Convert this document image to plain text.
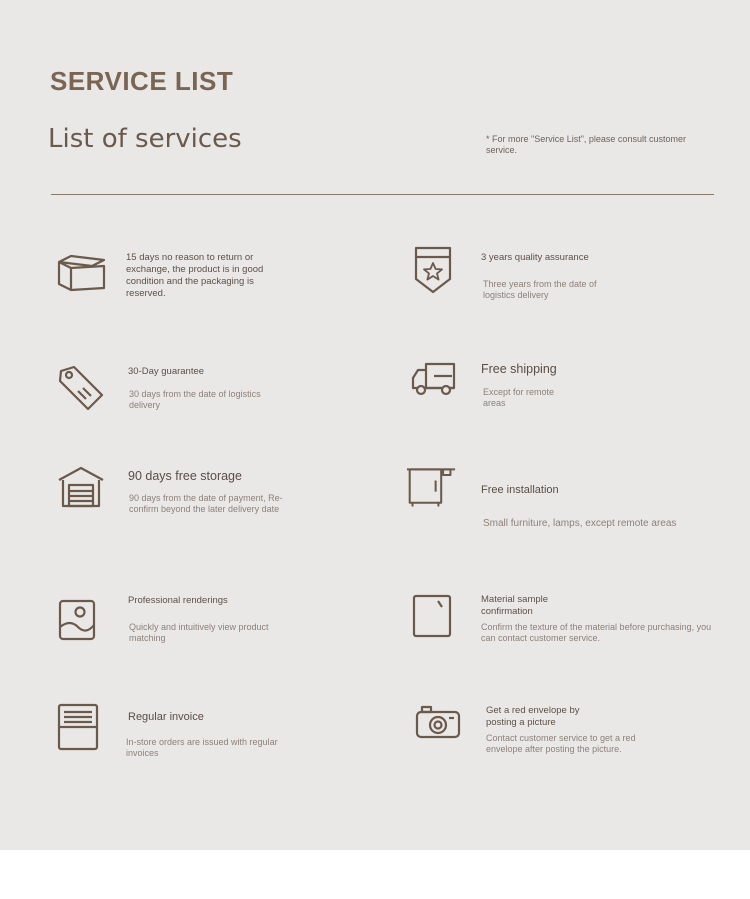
SERVICE LIST
List of services	* For more "Service List", please consult customer service.
15 days no reason to return or exchange, the product is in good condition and the packaging is reserved.
3 years quality assurance
Three years from the date of logistics delivery
30-Day guarantee
30 days from the date of logistics delivery
Free shipping
Except for remote areas
90 days free storage
90 days from the date of payment, Re-confirm beyond the later delivery date
Free installation
Small furniture, lamps, except remote areas
Professional renderings
Quickly and intuitively view product matching
Material sample confirmation
Confirm the texture of the material before purchasing, you can contact customer service.
Regular invoice
In-store orders are issued with regular invoices
Get a red envelope by posting a picture
Contact customer service to get a red envelope after posting the picture.
